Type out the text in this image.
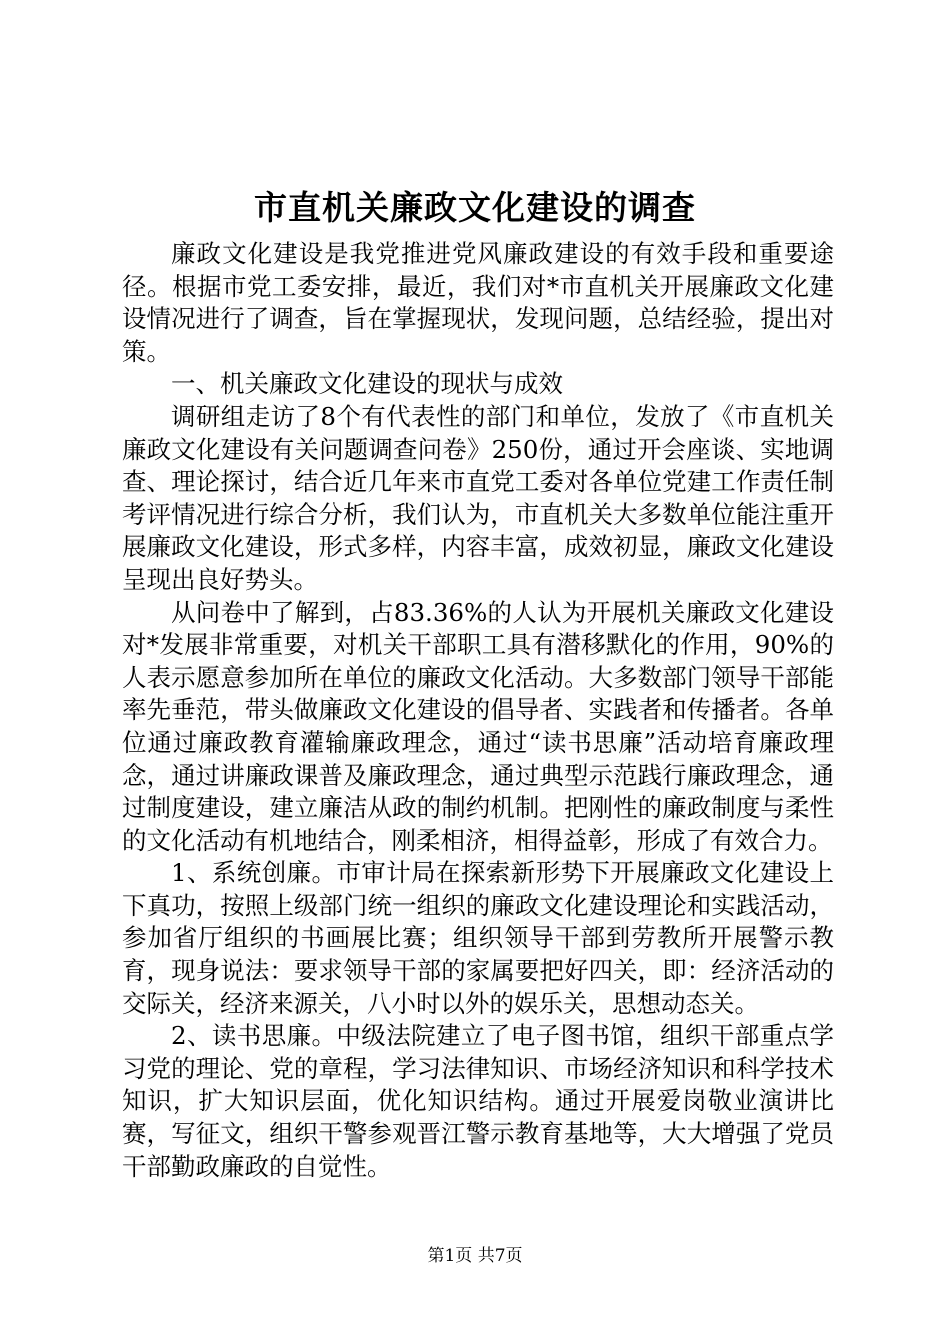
市直机关廉政文化建设的调查

廉政文化建设是我党推进党风廉政建设的有效手段和重要途径。根据市党工委安排，最近，我们对*市直机关开展廉政文化建设情况进行了调查，旨在掌握现状，发现问题，总结经验，提出对策。

一、机关廉政文化建设的现状与成效

调研组走访了8个有代表性的部门和单位，发放了《市直机关廉政文化建设有关问题调查问卷》250份，通过开会座谈、实地调查、理论探讨，结合近几年来市直党工委对各单位党建工作责任制考评情况进行综合分析，我们认为，市直机关大多数单位能注重开展廉政文化建设，形式多样，内容丰富，成效初显，廉政文化建设呈现出良好势头。

从问卷中了解到，占83.36%的人认为开展机关廉政文化建设对*发展非常重要，对机关干部职工具有潜移默化的作用，90%的人表示愿意参加所在单位的廉政文化活动。大多数部门领导干部能率先垂范，带头做廉政文化建设的倡导者、实践者和传播者。各单位通过廉政教育灌输廉政理念，通过“读书思廉”活动培育廉政理念，通过讲廉政课普及廉政理念，通过典型示范践行廉政理念，通过制度建设，建立廉洁从政的制约机制。把刚性的廉政制度与柔性的文化活动有机地结合，刚柔相济，相得益彰，形成了有效合力。

1、系统创廉。市审计局在探索新形势下开展廉政文化建设上下真功，按照上级部门统一组织的廉政文化建设理论和实践活动，参加省厅组织的书画展比赛；组织领导干部到劳教所开展警示教育，现身说法：要求领导干部的家属要把好四关，即：经济活动的交际关，经济来源关，八小时以外的娱乐关，思想动态关。

2、读书思廉。中级法院建立了电子图书馆，组织干部重点学习党的理论、党的章程，学习法律知识、市场经济知识和科学技术知识，扩大知识层面，优化知识结构。通过开展爱岗敬业演讲比赛，写征文，组织干警参观晋江警示教育基地等，大大增强了党员干部勤政廉政的自觉性。

第1页 共7页
